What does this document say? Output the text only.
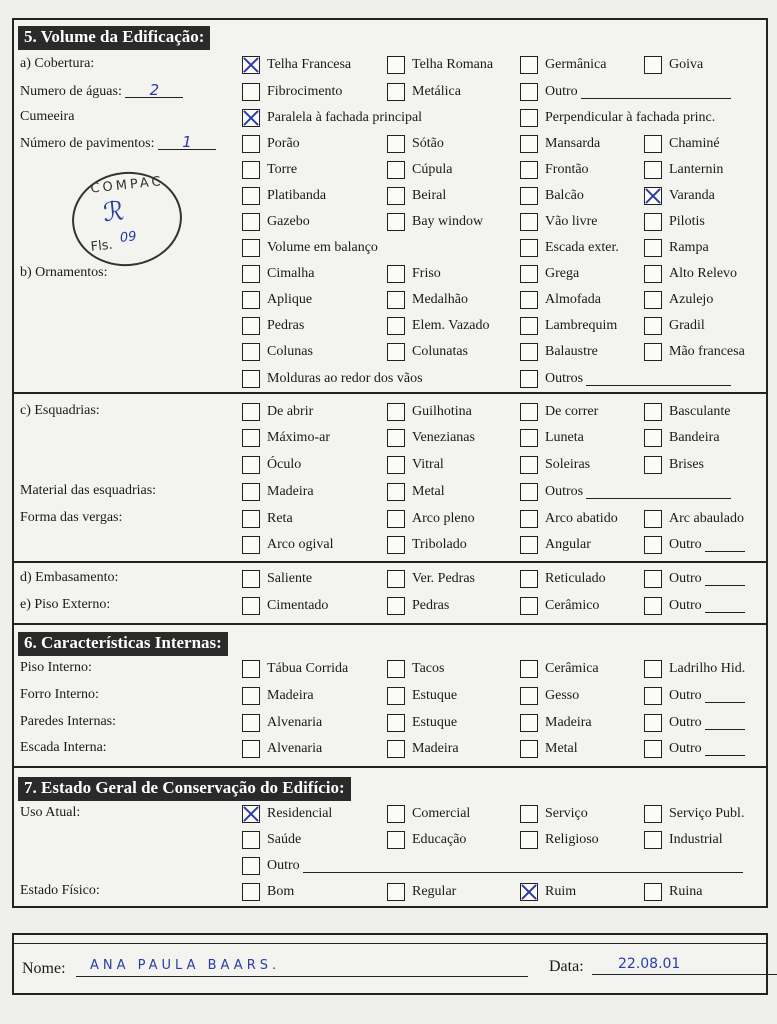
5. Volume da Edificação:
a) Cobertura:	Telha Francesa	Telha Romana	Germânica	Goiva
Numero de águas: 2	Fibrocimento	Metálica	Outro
Cumeeira	Paralela à fachada principal	Perpendicular à fachada princ.
Número de pavimentos: 1	Porão	Sótão	Mansarda	Chaminé
Torre	Cúpula	Frontão	Lanternin
Platibanda	Beiral	Balcão	Varanda
Gazebo	Bay window	Vão livre	Pilotis
Volume em balanço	Escada exter.	Rampa
COMPAC
ℛ
Fls.
09
b) Ornamentos:	Cimalha	Friso	Grega	Alto Relevo
Aplique	Medalhão	Almofada	Azulejo
Pedras	Elem. Vazado	Lambrequim	Gradil
Colunas	Colunatas	Balaustre	Mão francesa
Molduras ao redor dos vãos	Outros
c) Esquadrias:	De abrir	Guilhotina	De correr	Basculante
Máximo-ar	Venezianas	Luneta	Bandeira
Óculo	Vitral	Soleiras	Brises
Material das esquadrias:	Madeira	Metal	Outros
Forma das vergas:	Reta	Arco pleno	Arco abatido	Arc abaulado
Arco ogival	Tribolado	Angular	Outro
d) Embasamento:	Saliente	Ver. Pedras	Reticulado	Outro
e) Piso Externo:	Cimentado	Pedras	Cerâmico	Outro
6. Características Internas:
Piso Interno:	Tábua Corrida	Tacos	Cerâmica	Ladrilho Hid.
Forro Interno:	Madeira	Estuque	Gesso	Outro
Paredes Internas:	Alvenaria	Estuque	Madeira	Outro
Escada Interna:	Alvenaria	Madeira	Metal	Outro
7. Estado Geral de Conservação do Edifício:
Uso Atual:	Residencial	Comercial	Serviço	Serviço Publ.
Saúde	Educação	Religioso	Industrial
Outro
Estado Físico:	Bom	Regular	Ruim	Ruina
Nome:	ANA PAULA BAARS.	Data:	22.08.01
